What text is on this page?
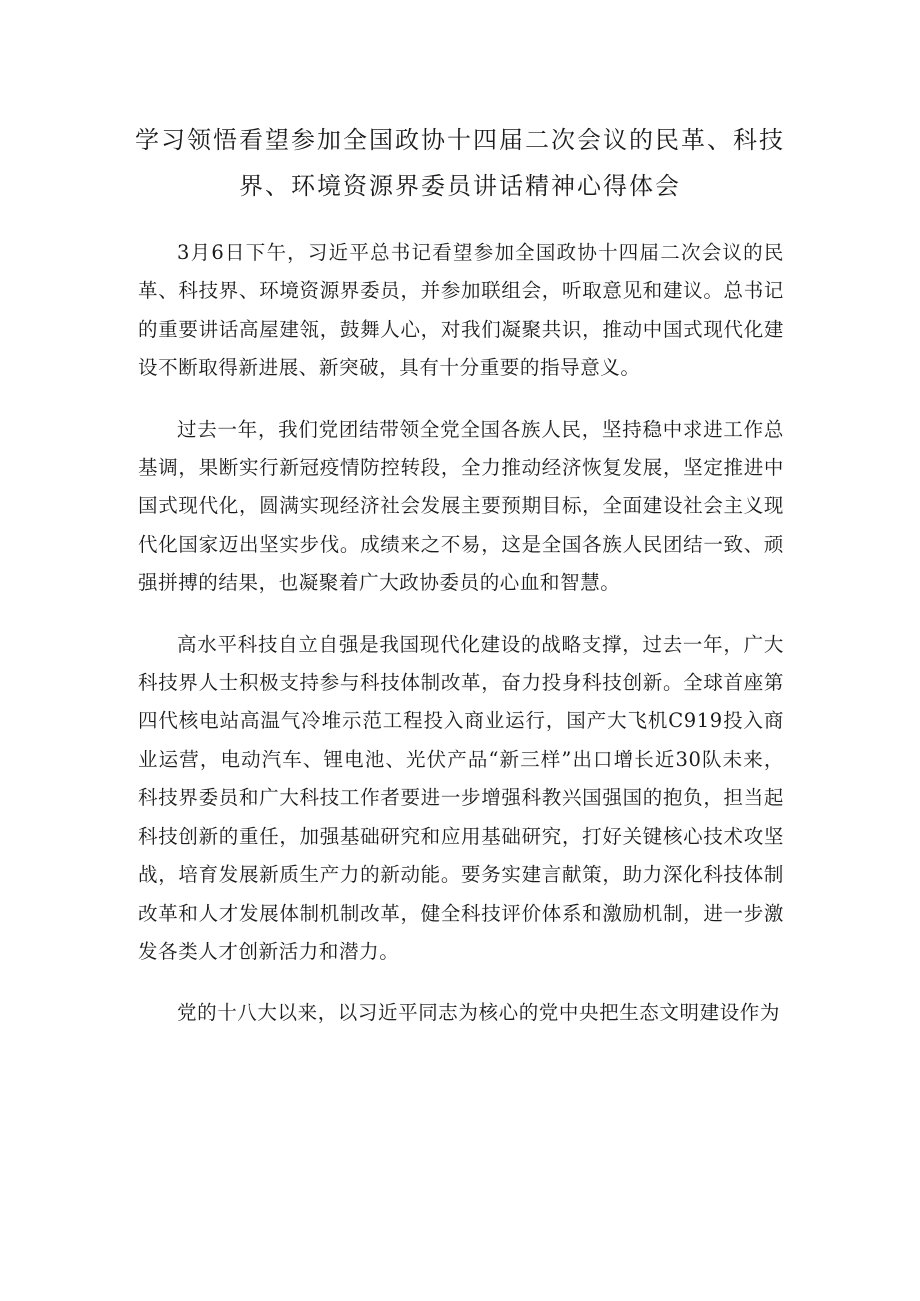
学习领悟看望参加全国政协十四届二次会议的民革、科技
界、环境资源界委员讲话精神心得体会

3月6日下午，习近平总书记看望参加全国政协十四届二次会议的民革、科技界、环境资源界委员，并参加联组会，听取意见和建议。总书记的重要讲话高屋建瓴，鼓舞人心，对我们凝聚共识，推动中国式现代化建设不断取得新进展、新突破，具有十分重要的指导意义。

过去一年，我们党团结带领全党全国各族人民，坚持稳中求进工作总基调，果断实行新冠疫情防控转段，全力推动经济恢复发展，坚定推进中国式现代化，圆满实现经济社会发展主要预期目标，全面建设社会主义现代化国家迈出坚实步伐。成绩来之不易，这是全国各族人民团结一致、顽强拼搏的结果，也凝聚着广大政协委员的心血和智慧。

高水平科技自立自强是我国现代化建设的战略支撑，过去一年，广大科技界人士积极支持参与科技体制改革，奋力投身科技创新。全球首座第四代核电站高温气冷堆示范工程投入商业运行，国产大飞机C919投入商业运营，电动汽车、锂电池、光伏产品“新三样”出口增长近30队未来，科技界委员和广大科技工作者要进一步增强科教兴国强国的抱负，担当起科技创新的重任，加强基础研究和应用基础研究，打好关键核心技术攻坚战，培育发展新质生产力的新动能。要务实建言献策，助力深化科技体制改革和人才发展体制机制改革，健全科技评价体系和激励机制，进一步激发各类人才创新活力和潜力。

党的十八大以来，以习近平同志为核心的党中央把生态文明建设作为
